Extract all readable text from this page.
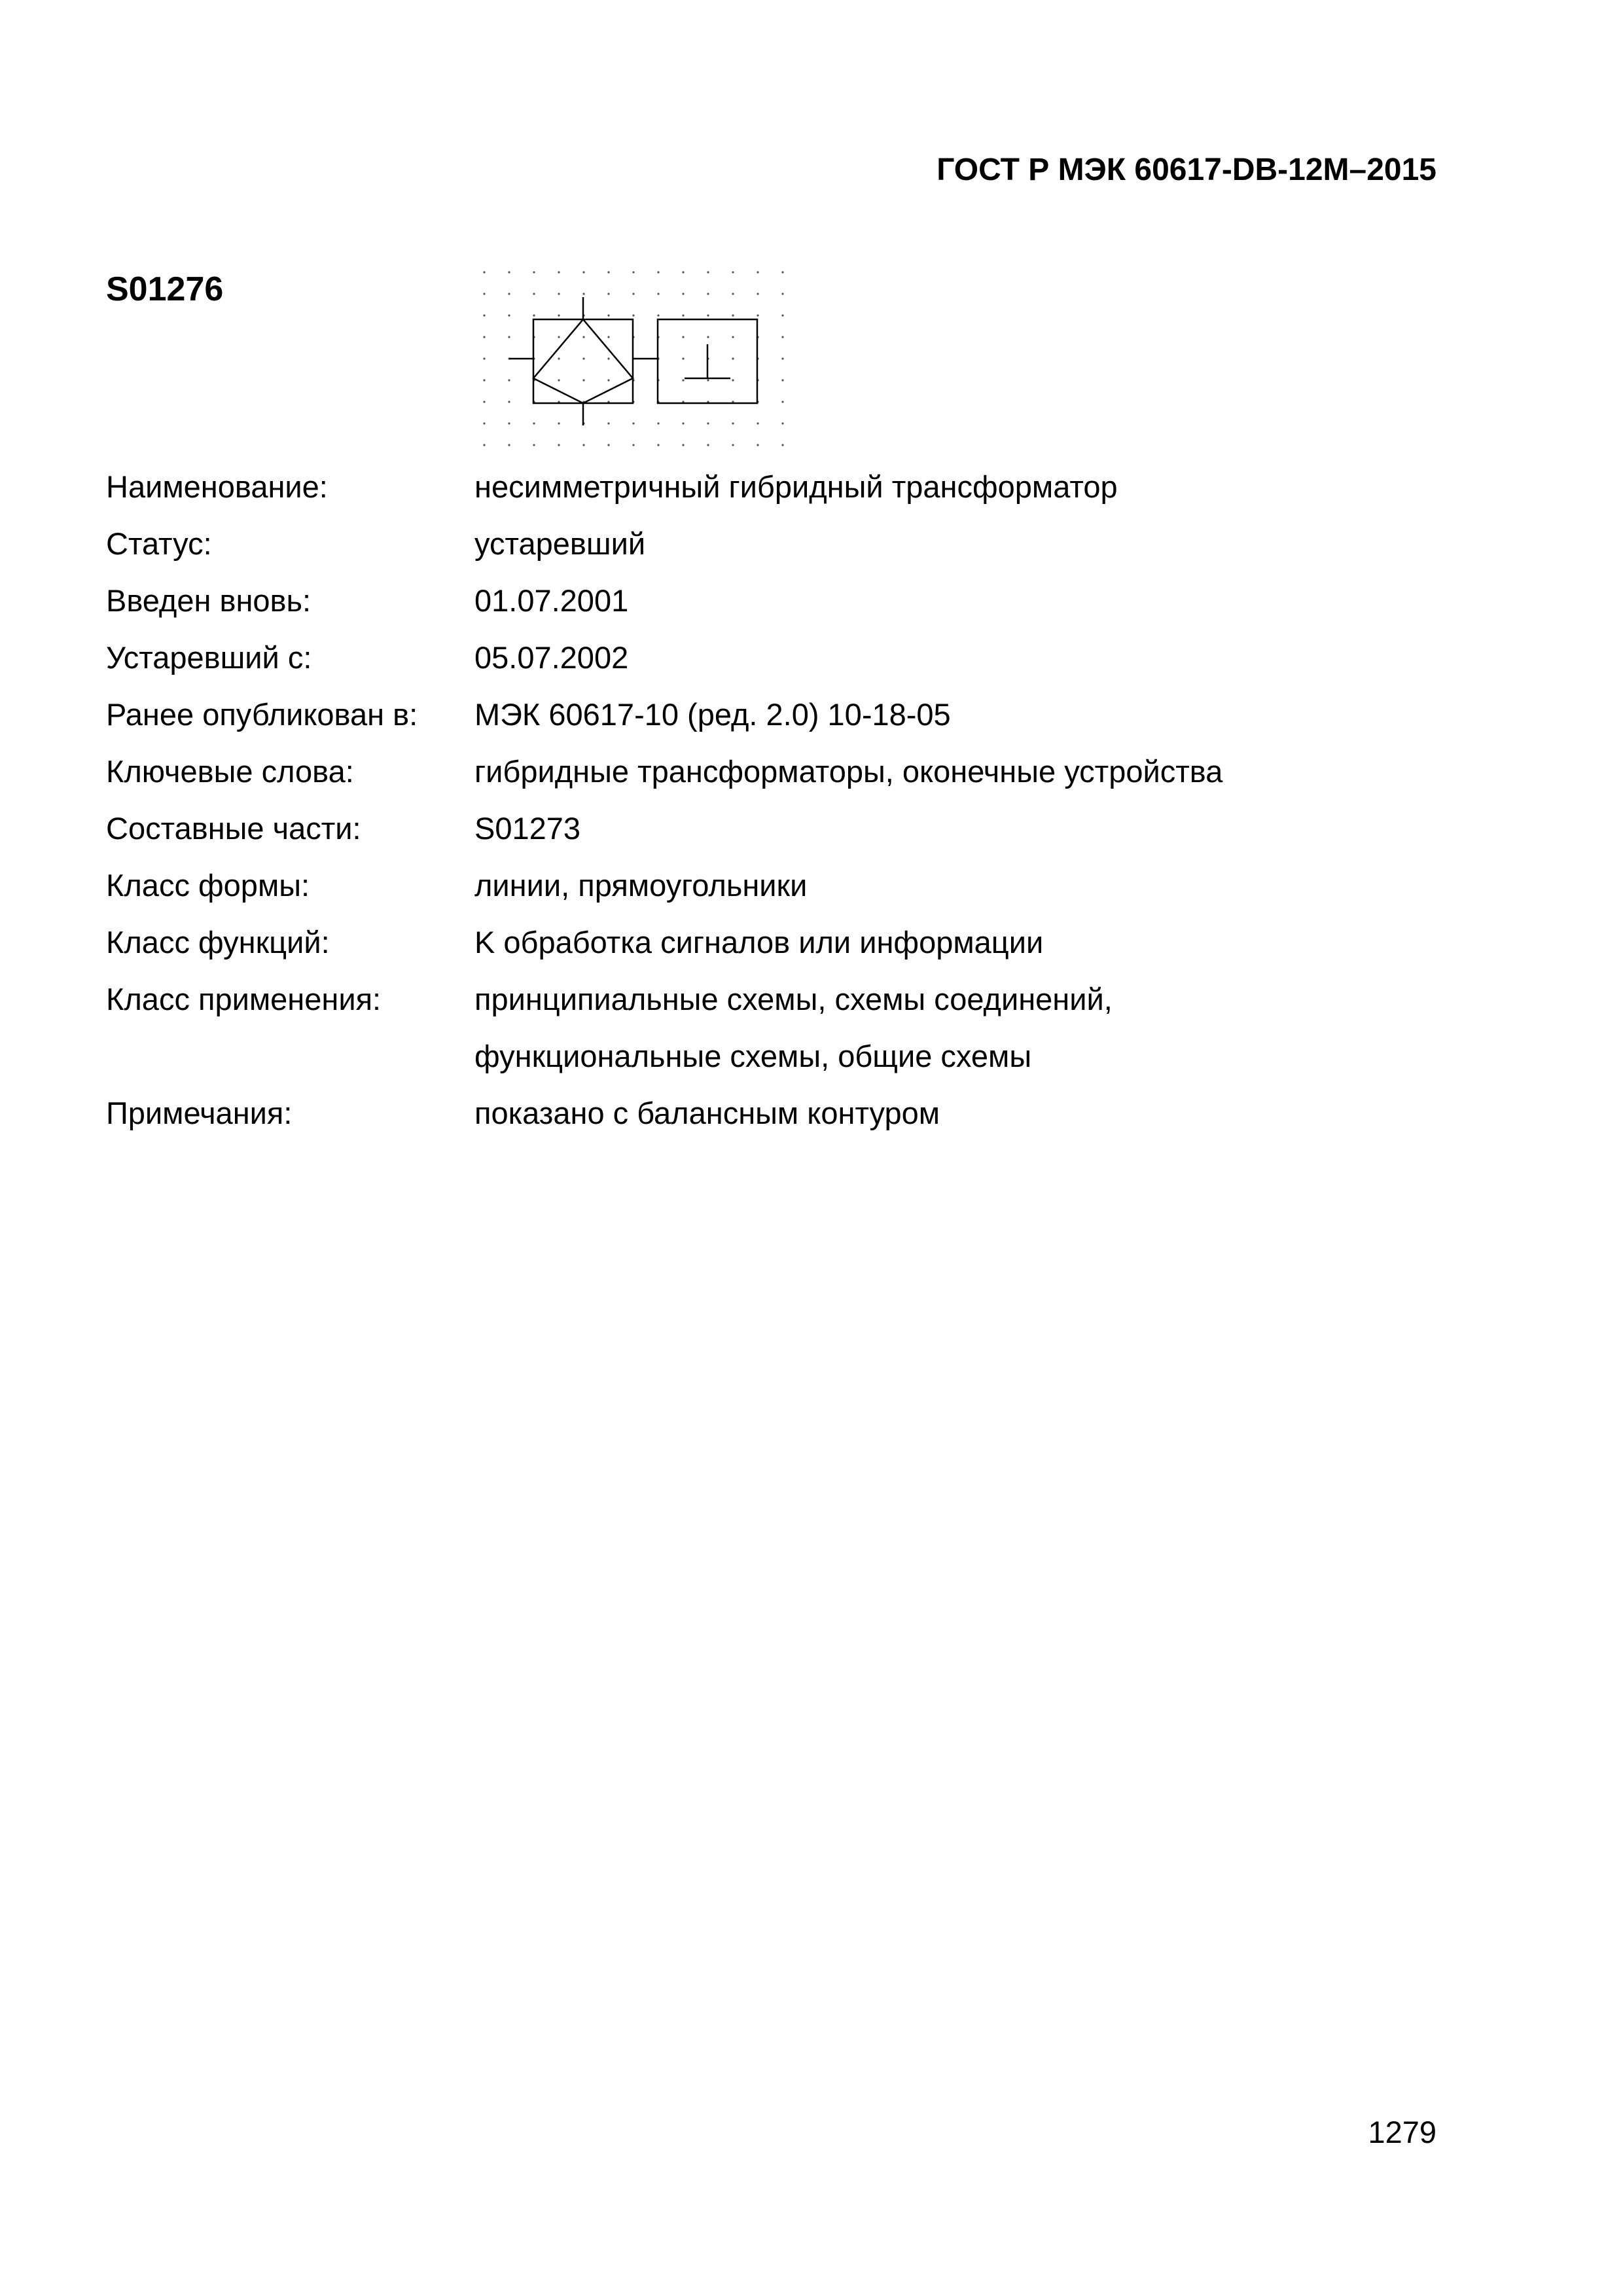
ГОСТ Р МЭК 60617-DB-12M–2015
S01276
Наименование:	несимметричный гибридный трансформатор
Статус:	устаревший
Введен вновь:	01.07.2001
Устаревший с:	05.07.2002
Ранее опубликован в:	МЭК 60617-10 (ред. 2.0) 10-18-05
Ключевые слова:	гибридные трансформаторы, оконечные устройства
Составные части:	S01273
Класс формы:	линии, прямоугольники
Класс функций:	K обработка сигналов или информации
Класс применения:	принципиальные схемы, схемы соединений,
функциональные схемы, общие схемы
Примечания:	показано с балансным контуром
1279
